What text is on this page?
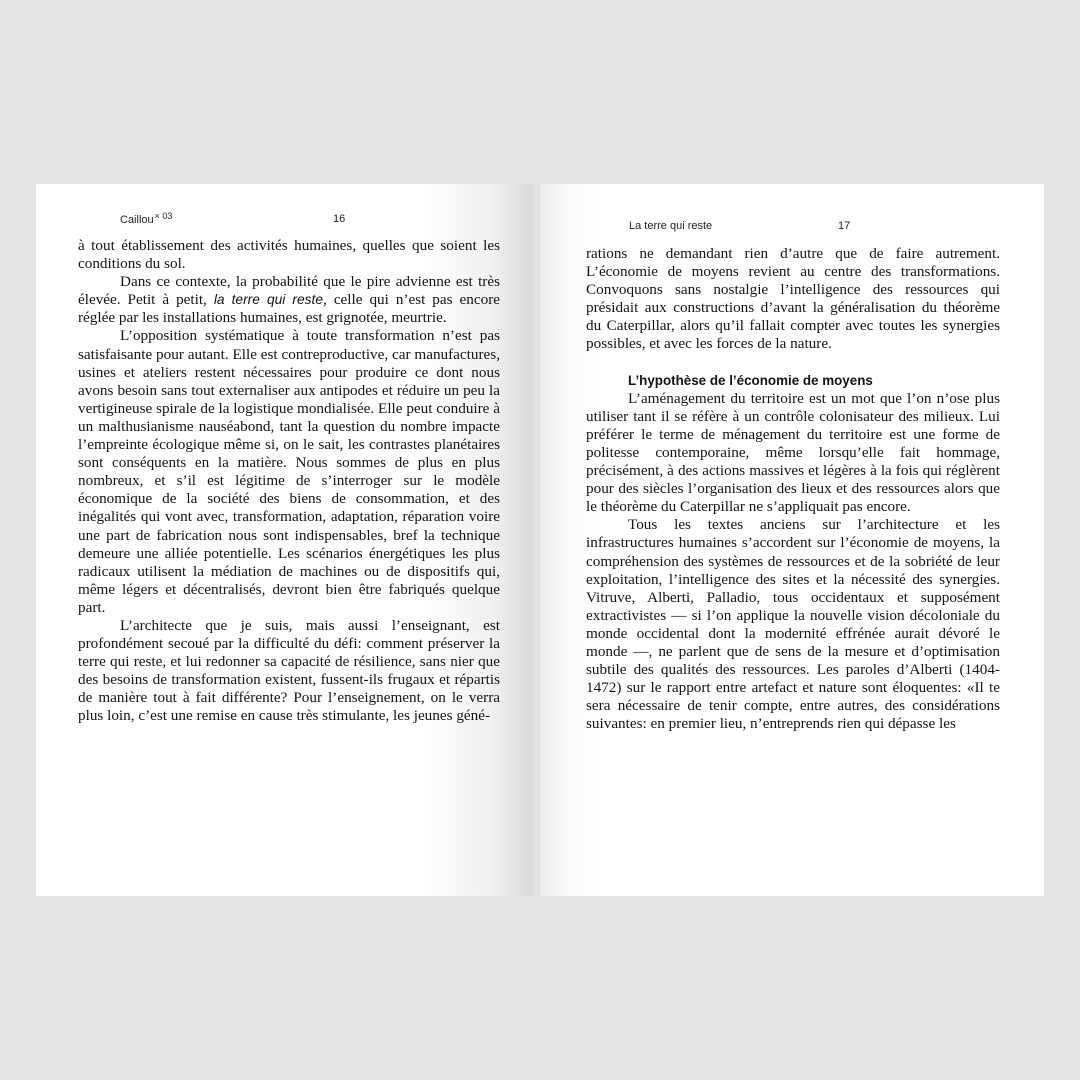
Caillou$^{\times 03}$	16

à tout établissement des activités humaines, quelles que soient les conditions du sol.

Dans ce contexte, la probabilité que le pire advienne est très élevée. Petit à petit, la terre qui reste, celle qui n’est pas encore réglée par les installations humaines, est grignotée, meurtrie.

L’opposition systématique à toute transformation n’est pas satisfaisante pour autant. Elle est contreproductive, car manufactures, usines et ateliers restent nécessaires pour produire ce dont nous avons besoin sans tout externaliser aux antipodes et réduire un peu la vertigineuse spirale de la logistique mondialisée. Elle peut conduire à un malthusianisme nauséabond, tant la question du nombre impacte l’empreinte écologique même si, on le sait, les contrastes planétaires sont conséquents en la matière. Nous sommes de plus en plus nombreux, et s’il est légitime de s’interroger sur le modèle économique de la société des biens de consommation, et des inégalités qui vont avec, transformation, adaptation, réparation voire une part de fabrication nous sont indispensables, bref la technique demeure une alliée potentielle. Les scénarios énergétiques les plus radicaux utilisent la médiation de machines ou de dispositifs qui, même légers et décentralisés, devront bien être fabriqués quelque part.

L’architecte que je suis, mais aussi l’enseignant, est profondément secoué par la difficulté du défi: comment préserver la terre qui reste, et lui redonner sa capacité de résilience, sans nier que des besoins de transformation existent, fussent-ils frugaux et répartis de manière tout à fait différente? Pour l’enseignement, on le verra plus loin, c’est une remise en cause très stimulante, les jeunes géné-

La terre qui reste	17

rations ne demandant rien d’autre que de faire autrement. L’économie de moyens revient au centre des transformations. Convoquons sans nostalgie l’intelligence des ressources qui présidait aux constructions d’avant la généralisation du théorème du Caterpillar, alors qu’il fallait compter avec toutes les synergies possibles, et avec les forces de la nature.

L’hypothèse de l’économie de moyens

L’aménagement du territoire est un mot que l’on n’ose plus utiliser tant il se réfère à un contrôle colonisateur des milieux. Lui préférer le terme de ménagement du territoire est une forme de politesse contemporaine, même lorsqu’elle fait hommage, précisément, à des actions massives et légères à la fois qui réglèrent pour des siècles l’organisation des lieux et des ressources alors que le théorème du Caterpillar ne s’appliquait pas encore.

Tous les textes anciens sur l’architecture et les infrastructures humaines s’accordent sur l’économie de moyens, la compréhension des systèmes de ressources et de la sobriété de leur exploitation, l’intelligence des sites et la nécessité des synergies. Vitruve, Alberti, Palladio, tous occidentaux et supposément extractivistes — si l’on applique la nouvelle vision décoloniale du monde occidental dont la modernité effrénée aurait dévoré le monde —, ne parlent que de sens de la mesure et d’optimisation subtile des qualités des ressources. Les paroles d’Alberti (1404-1472) sur le rapport entre artefact et nature sont éloquentes: «Il te sera nécessaire de tenir compte, entre autres, des considérations suivantes: en premier lieu, n’entreprends rien qui dépasse les
